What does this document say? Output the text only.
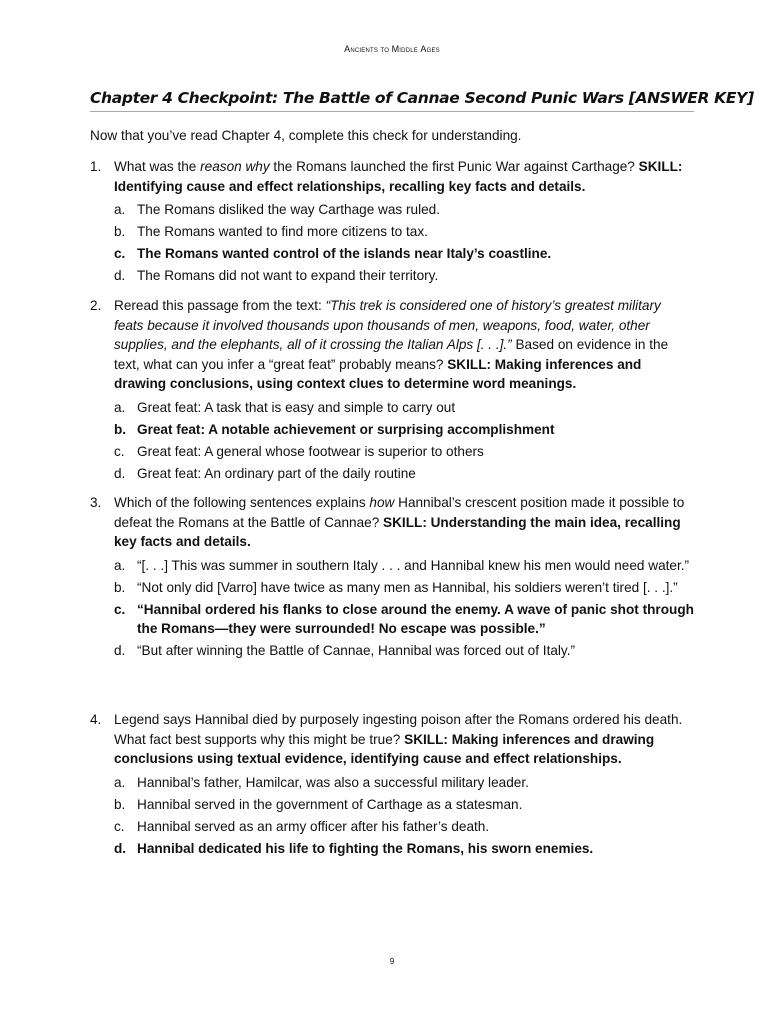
Ancients to Middle Ages
Chapter 4 Checkpoint: The Battle of Cannae Second Punic Wars [ANSWER KEY]
Now that you’ve read Chapter 4, complete this check for understanding.
1. What was the reason why the Romans launched the first Punic War against Carthage? SKILL: Identifying cause and effect relationships, recalling key facts and details.
a. The Romans disliked the way Carthage was ruled.
b. The Romans wanted to find more citizens to tax.
c. The Romans wanted control of the islands near Italy’s coastline.
d. The Romans did not want to expand their territory.
2. Reread this passage from the text: “This trek is considered one of history’s greatest military feats because it involved thousands upon thousands of men, weapons, food, water, other supplies, and the elephants, all of it crossing the Italian Alps [. . .].” Based on evidence in the text, what can you infer a “great feat” probably means? SKILL: Making inferences and drawing conclusions, using context clues to determine word meanings.
a. Great feat: A task that is easy and simple to carry out
b. Great feat: A notable achievement or surprising accomplishment
c. Great feat: A general whose footwear is superior to others
d. Great feat: An ordinary part of the daily routine
3. Which of the following sentences explains how Hannibal’s crescent position made it possible to defeat the Romans at the Battle of Cannae? SKILL: Understanding the main idea, recalling key facts and details.
a. “[. . .] This was summer in southern Italy . . . and Hannibal knew his men would need water.”
b. “Not only did [Varro] have twice as many men as Hannibal, his soldiers weren’t tired [. . .].”
c. “Hannibal ordered his flanks to close around the enemy. A wave of panic shot through the Romans—they were surrounded! No escape was possible.”
d. “But after winning the Battle of Cannae, Hannibal was forced out of Italy.”
4. Legend says Hannibal died by purposely ingesting poison after the Romans ordered his death. What fact best supports why this might be true? SKILL: Making inferences and drawing conclusions using textual evidence, identifying cause and effect relationships.
a. Hannibal’s father, Hamilcar, was also a successful military leader.
b. Hannibal served in the government of Carthage as a statesman.
c. Hannibal served as an army officer after his father’s death.
d. Hannibal dedicated his life to fighting the Romans, his sworn enemies.
9
